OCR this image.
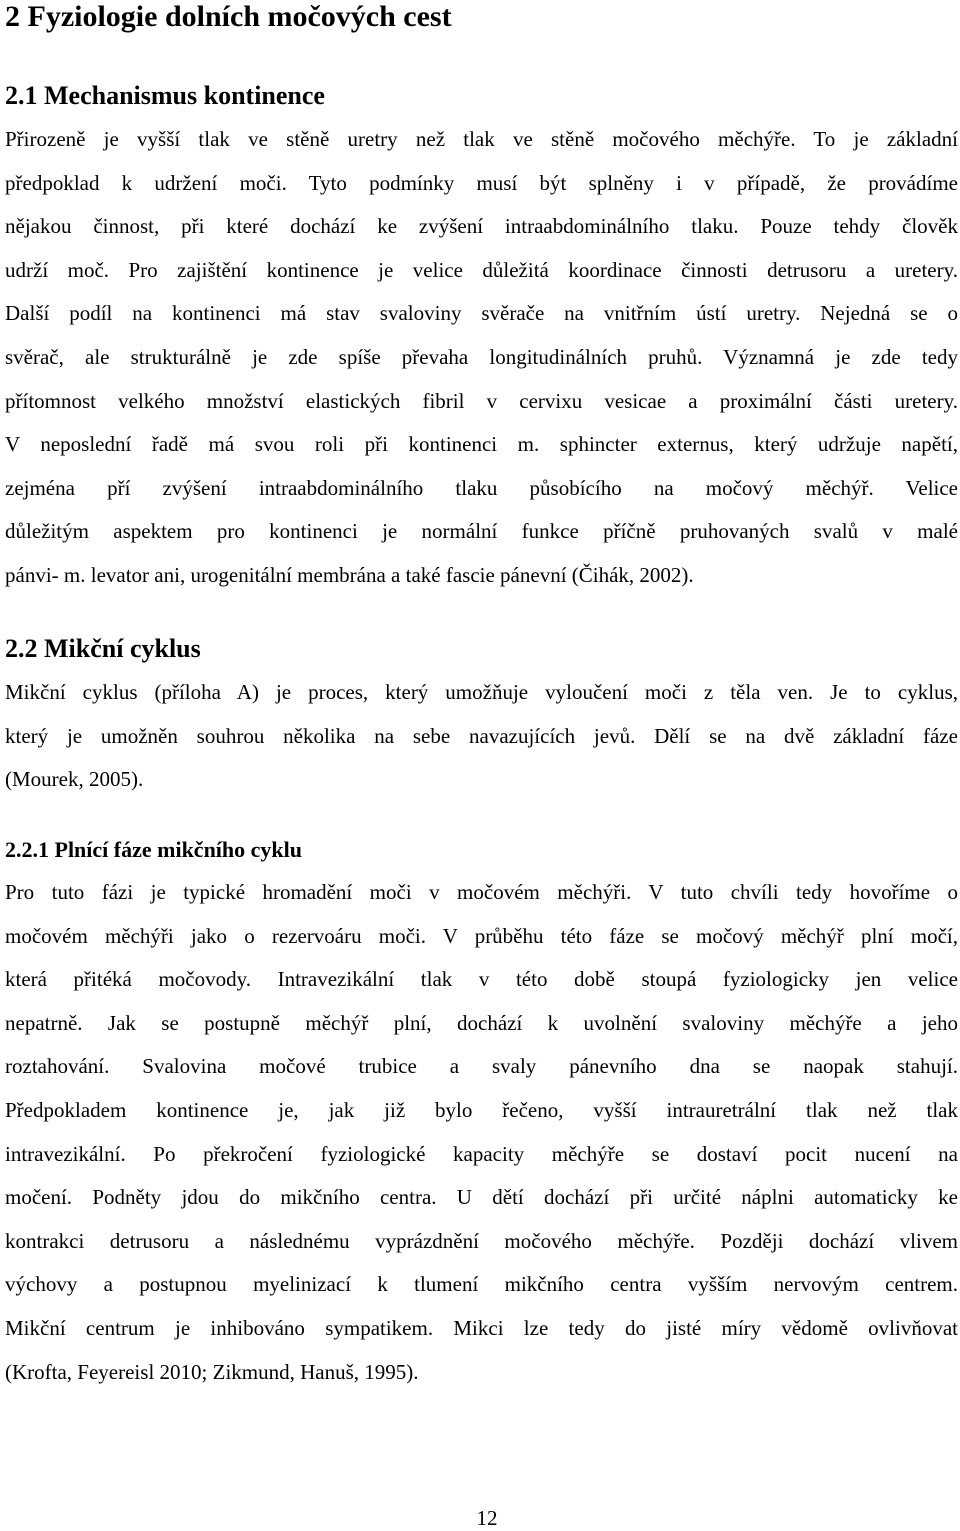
2 Fyziologie dolních močových cest
2.1 Mechanismus kontinence
Přirozeně je vyšší tlak ve stěně uretry než tlak ve stěně močového měchýře. To je základní
předpoklad k udržení moči. Tyto podmínky musí být splněny i v případě, že provádíme
nějakou činnost, při které dochází ke zvýšení intraabdominálního tlaku. Pouze tehdy člověk
udrží moč. Pro zajištění kontinence je velice důležitá koordinace činnosti detrusoru a uretery.
Další podíl na kontinenci má stav svaloviny svěrače na vnitřním ústí uretry. Nejedná se o
svěrač, ale strukturálně je zde spíše převaha longitudinálních pruhů. Významná je zde tedy
přítomnost velkého množství elastických fibril v cervixu vesicae a proximální části uretery.
V neposlední řadě má svou roli při kontinenci m. sphincter externus, který udržuje napětí,
zejména pří zvýšení intraabdominálního tlaku působícího na močový měchýř. Velice
důležitým aspektem pro kontinenci je normální funkce příčně pruhovaných svalů v malé
pánvi- m. levator ani, urogenitální membrána a také fascie pánevní (Čihák, 2002).
2.2 Mikční cyklus
Mikční cyklus (příloha A) je proces, který umožňuje vyloučení moči z těla ven. Je to cyklus,
který je umožněn souhrou několika na sebe navazujících jevů. Dělí se na dvě základní fáze
(Mourek, 2005).
2.2.1 Plnící fáze mikčního cyklu
Pro tuto fázi je typické hromadění moči v močovém měchýři. V tuto chvíli tedy hovoříme o
močovém měchýři jako o rezervoáru moči. V průběhu této fáze se močový měchýř plní močí,
která přitéká močovody. Intravezikální tlak v této době stoupá fyziologicky jen velice
nepatrně. Jak se postupně měchýř plní, dochází k uvolnění svaloviny měchýře a jeho
roztahování. Svalovina močové trubice a svaly pánevního dna se naopak stahují.
Předpokladem kontinence je, jak již bylo řečeno, vyšší intrauretrální tlak než tlak
intravezikální. Po překročení fyziologické kapacity měchýře se dostaví pocit nucení na
močení. Podněty jdou do mikčního centra. U dětí dochází při určité náplni automaticky ke
kontrakci detrusoru a následnému vyprázdnění močového měchýře. Později dochází vlivem
výchovy a postupnou myelinizací k tlumení mikčního centra vyšším nervovým centrem.
Mikční centrum je inhibováno sympatikem. Mikci lze tedy do jisté míry vědomě ovlivňovat
(Krofta, Feyereisl 2010; Zikmund, Hanuš, 1995).
12
